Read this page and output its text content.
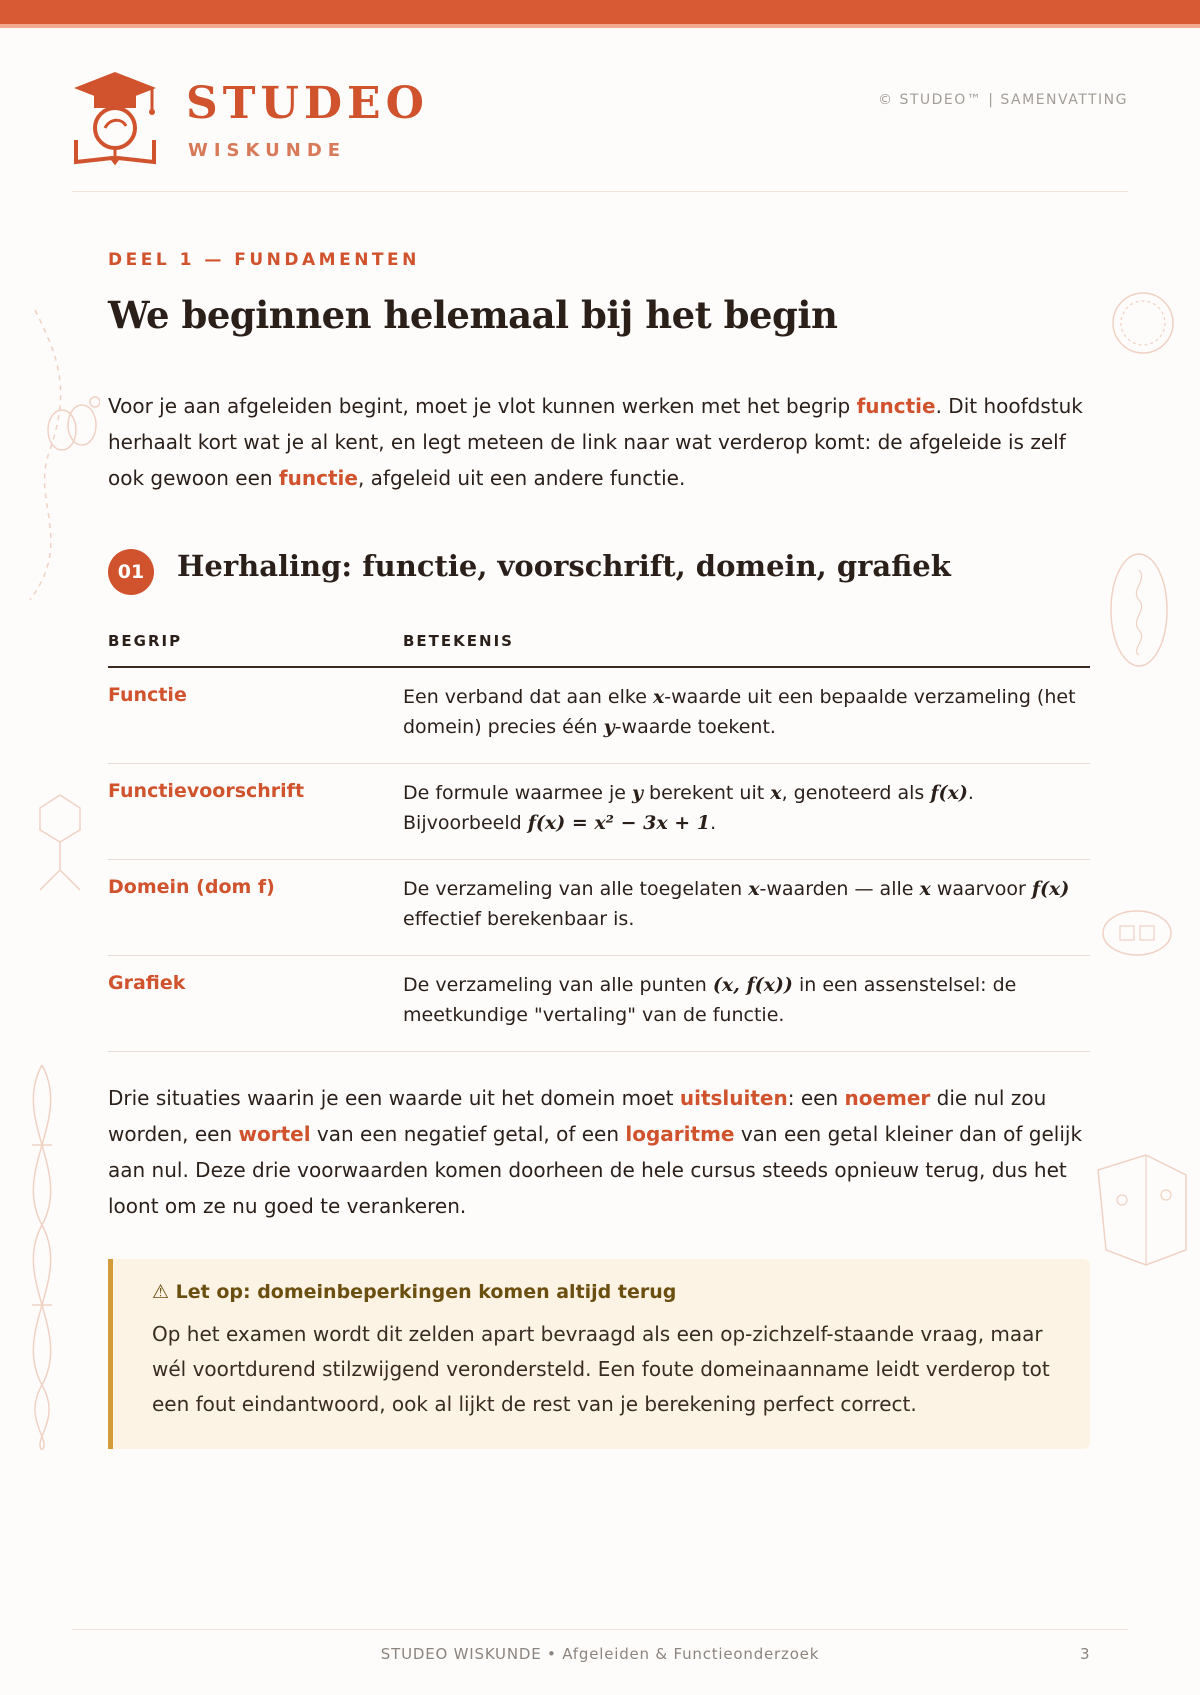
STUDEO
WISKUNDE
© STUDEO™ | SAMENVATTING
DEEL 1 — FUNDAMENTEN
We beginnen helemaal bij het begin

Voor je aan afgeleiden begint, moet je vlot kunnen werken met het begrip functie. Dit hoofdstuk herhaalt kort wat je al kent, en legt meteen de link naar wat verderop komt: de afgeleide is zelf ook gewoon een functie, afgeleid uit een andere functie.

01	Herhaling: functie, voorschrift, domein, grafiek
BEGRIP	BETEKENIS
Functie	Een verband dat aan elke x-waarde uit een bepaalde verzameling (het domein) precies één y-waarde toekent.
Functievoorschrift	De formule waarmee je y berekent uit x, genoteerd als f(x). Bijvoorbeeld f(x) = x² − 3x + 1.
Domein (dom f)	De verzameling van alle toegelaten x-waarden — alle x waarvoor f(x) effectief berekenbaar is.
Grafiek	De verzameling van alle punten (x, f(x)) in een assenstelsel: de meetkundige "vertaling" van de functie.

Drie situaties waarin je een waarde uit het domein moet uitsluiten: een noemer die nul zou worden, een wortel van een negatief getal, of een logaritme van een getal kleiner dan of gelijk aan nul. Deze drie voorwaarden komen doorheen de hele cursus steeds opnieuw terug, dus het loont om ze nu goed te verankeren.

⚠ Let op: domeinbeperkingen komen altijd terug
Op het examen wordt dit zelden apart bevraagd als een op-zichzelf-staande vraag, maar wél voortdurend stilzwijgend verondersteld. Een foute domeinaanname leidt verderop tot een fout eindantwoord, ook al lijkt de rest van je berekening perfect correct.
STUDEO WISKUNDE • Afgeleiden & Functieonderzoek	3
